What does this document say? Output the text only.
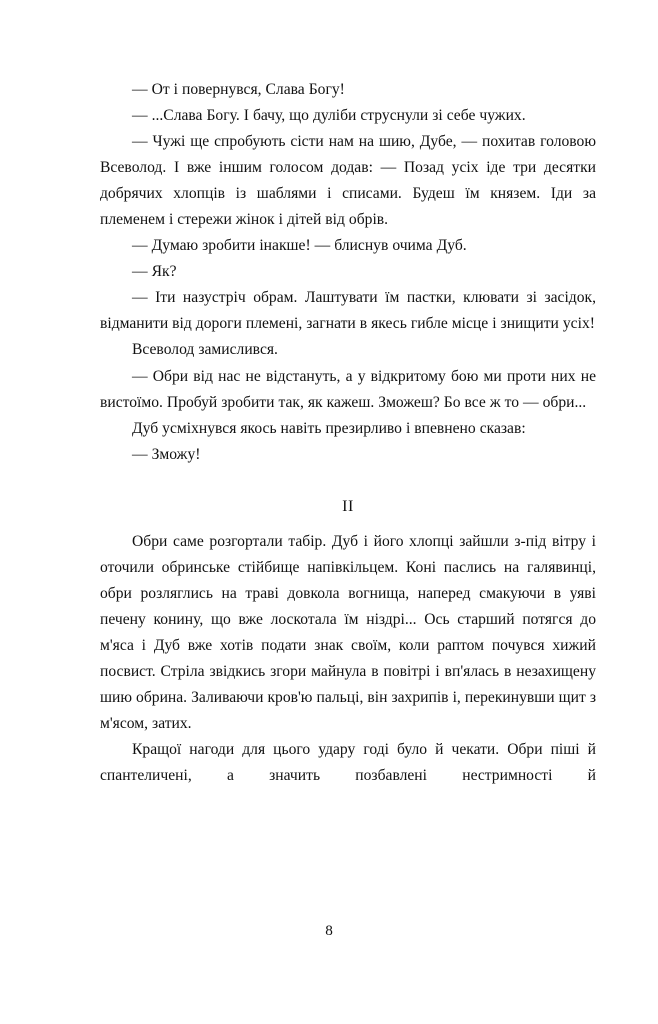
— От і повернувся, Слава Богу!

— ...Слава Богу. І бачу, що дуліби струснули зі себе чужих.

— Чужі ще спробують сісти нам на шию, Дубе, — похитав головою Всеволод. І вже іншим голосом додав: — Позад усіх іде три десятки добрячих хлопців із шаблями і списами. Будеш їм князем. Іди за племенем і стережи жінок і дітей від обрів.

— Думаю зробити інакше! — блиснув очима Дуб.

— Як?

— Іти назустріч обрам. Лаштувати їм пастки, клювати зі засідок, відманити від дороги племені, загнати в якесь гибле місце і знищити усіх!

Всеволод замислився.

— Обри від нас не відстануть, а у відкритому бою ми проти них не вистоїмо. Пробуй зробити так, як кажеш. Зможеш? Бо все ж то — обри...

Дуб усміхнувся якось навіть презирливо і впевнено сказав:

— Зможу!

II

Обри саме розгортали табір. Дуб і його хлопці зайшли з-під вітру і оточили обринське стійбище напівкільцем. Коні паслись на галявинці, обри розляглись на траві довкола вогнища, наперед смакуючи в уяві печену конину, що вже лоскотала їм ніздрі... Ось старший потягся до м'яса і Дуб вже хотів подати знак своїм, коли раптом почувся хижий посвист. Стріла звідкись згори майнула в повітрі і вп'ялась в незахищену шию обрина. Заливаючи кров'ю пальці, він захрипів і, перекинувши щит з м'ясом, затих.

Кращої нагоди для цього удару годі було й чекати. Обри піші й спантеличені, а значить позбавлені нестримності й

8
